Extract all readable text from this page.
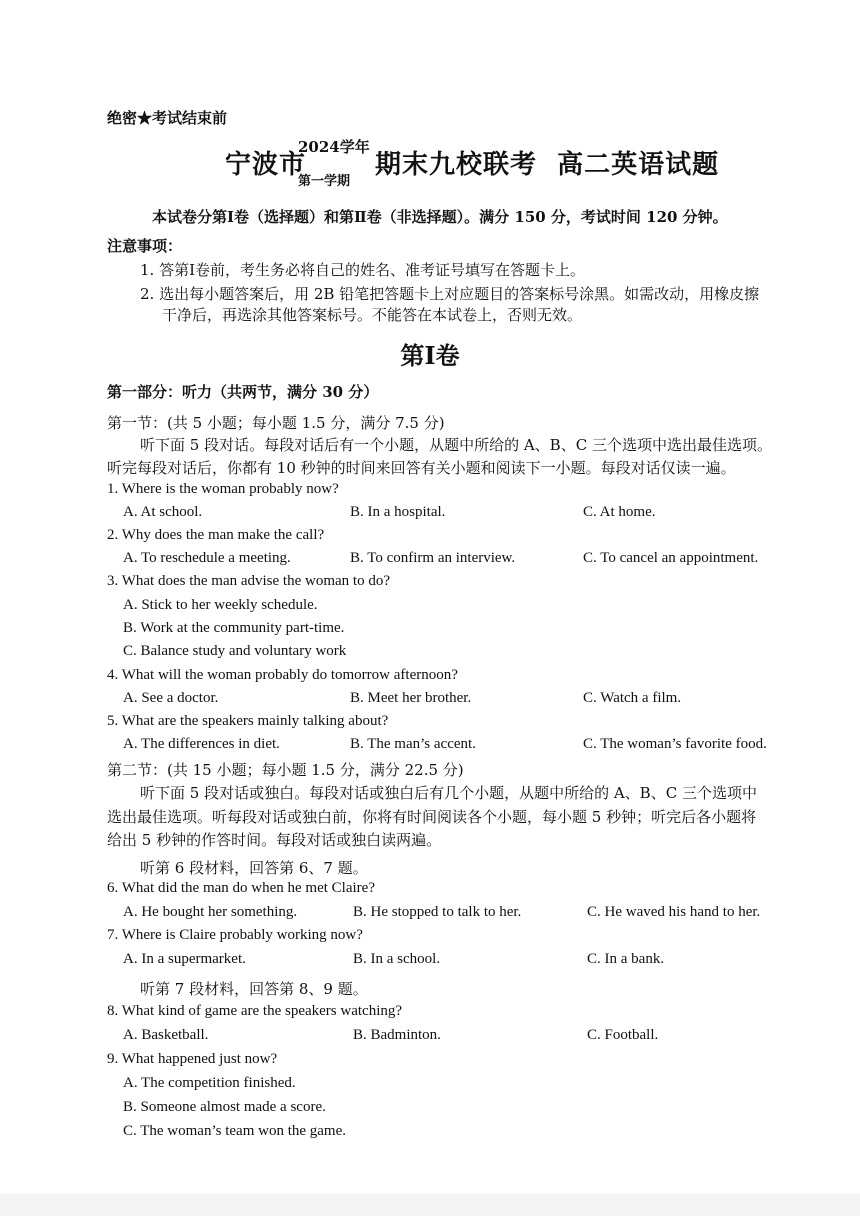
绝密★考试结束前
宁波市
2024学年
第一学期
期末九校联考 高二英语试题
本试卷分第Ⅰ卷（选择题）和第Ⅱ卷（非选择题）。满分 150 分，考试时间 120 分钟。
注意事项：
1. 答第Ⅰ卷前，考生务必将自己的姓名、准考证号填写在答题卡上。
2. 选出每小题答案后，用 2B 铅笔把答题卡上对应题目的答案标号涂黑。如需改动，用橡皮擦
干净后，再选涂其他答案标号。不能答在本试卷上，否则无效。
第Ⅰ卷
第一部分：听力（共两节，满分 30 分）
第一节：(共 5 小题；每小题 1.5 分，满分 7.5 分)
听下面 5 段对话。每段对话后有一个小题，从题中所给的 A、B、C 三个选项中选出最佳选项。
听完每段对话后，你都有 10 秒钟的时间来回答有关小题和阅读下一小题。每段对话仅读一遍。
1. Where is the woman probably now?
A. At school.	B. In a hospital.	C. At home.
2. Why does the man make the call?
A. To reschedule a meeting.	B. To confirm an interview.	C. To cancel an appointment.
3. What does the man advise the woman to do?
A. Stick to her weekly schedule.
B. Work at the community part-time.
C. Balance study and voluntary work
4. What will the woman probably do tomorrow afternoon?
A. See a doctor.	B. Meet her brother.	C. Watch a film.
5. What are the speakers mainly talking about?
A. The differences in diet.	B. The man’s accent.	C. The woman’s favorite food.
第二节：(共 15 小题；每小题 1.5 分，满分 22.5 分)
听下面 5 段对话或独白。每段对话或独白后有几个小题，从题中所给的 A、B、C 三个选项中
选出最佳选项。听每段对话或独白前，你将有时间阅读各个小题，每小题 5 秒钟；听完后各小题将
给出 5 秒钟的作答时间。每段对话或独白读两遍。
听第 6 段材料，回答第 6、7 题。
6. What did the man do when he met Claire?
A. He bought her something.	B. He stopped to talk to her.	C. He waved his hand to her.
7. Where is Claire probably working now?
A. In a supermarket.	B. In a school.	C. In a bank.
听第 7 段材料，回答第 8、9 题。
8. What kind of game are the speakers watching?
A. Basketball.	B. Badminton.	C. Football.
9. What happened just now?
A. The competition finished.
B. Someone almost made a score.
C. The woman’s team won the game.
